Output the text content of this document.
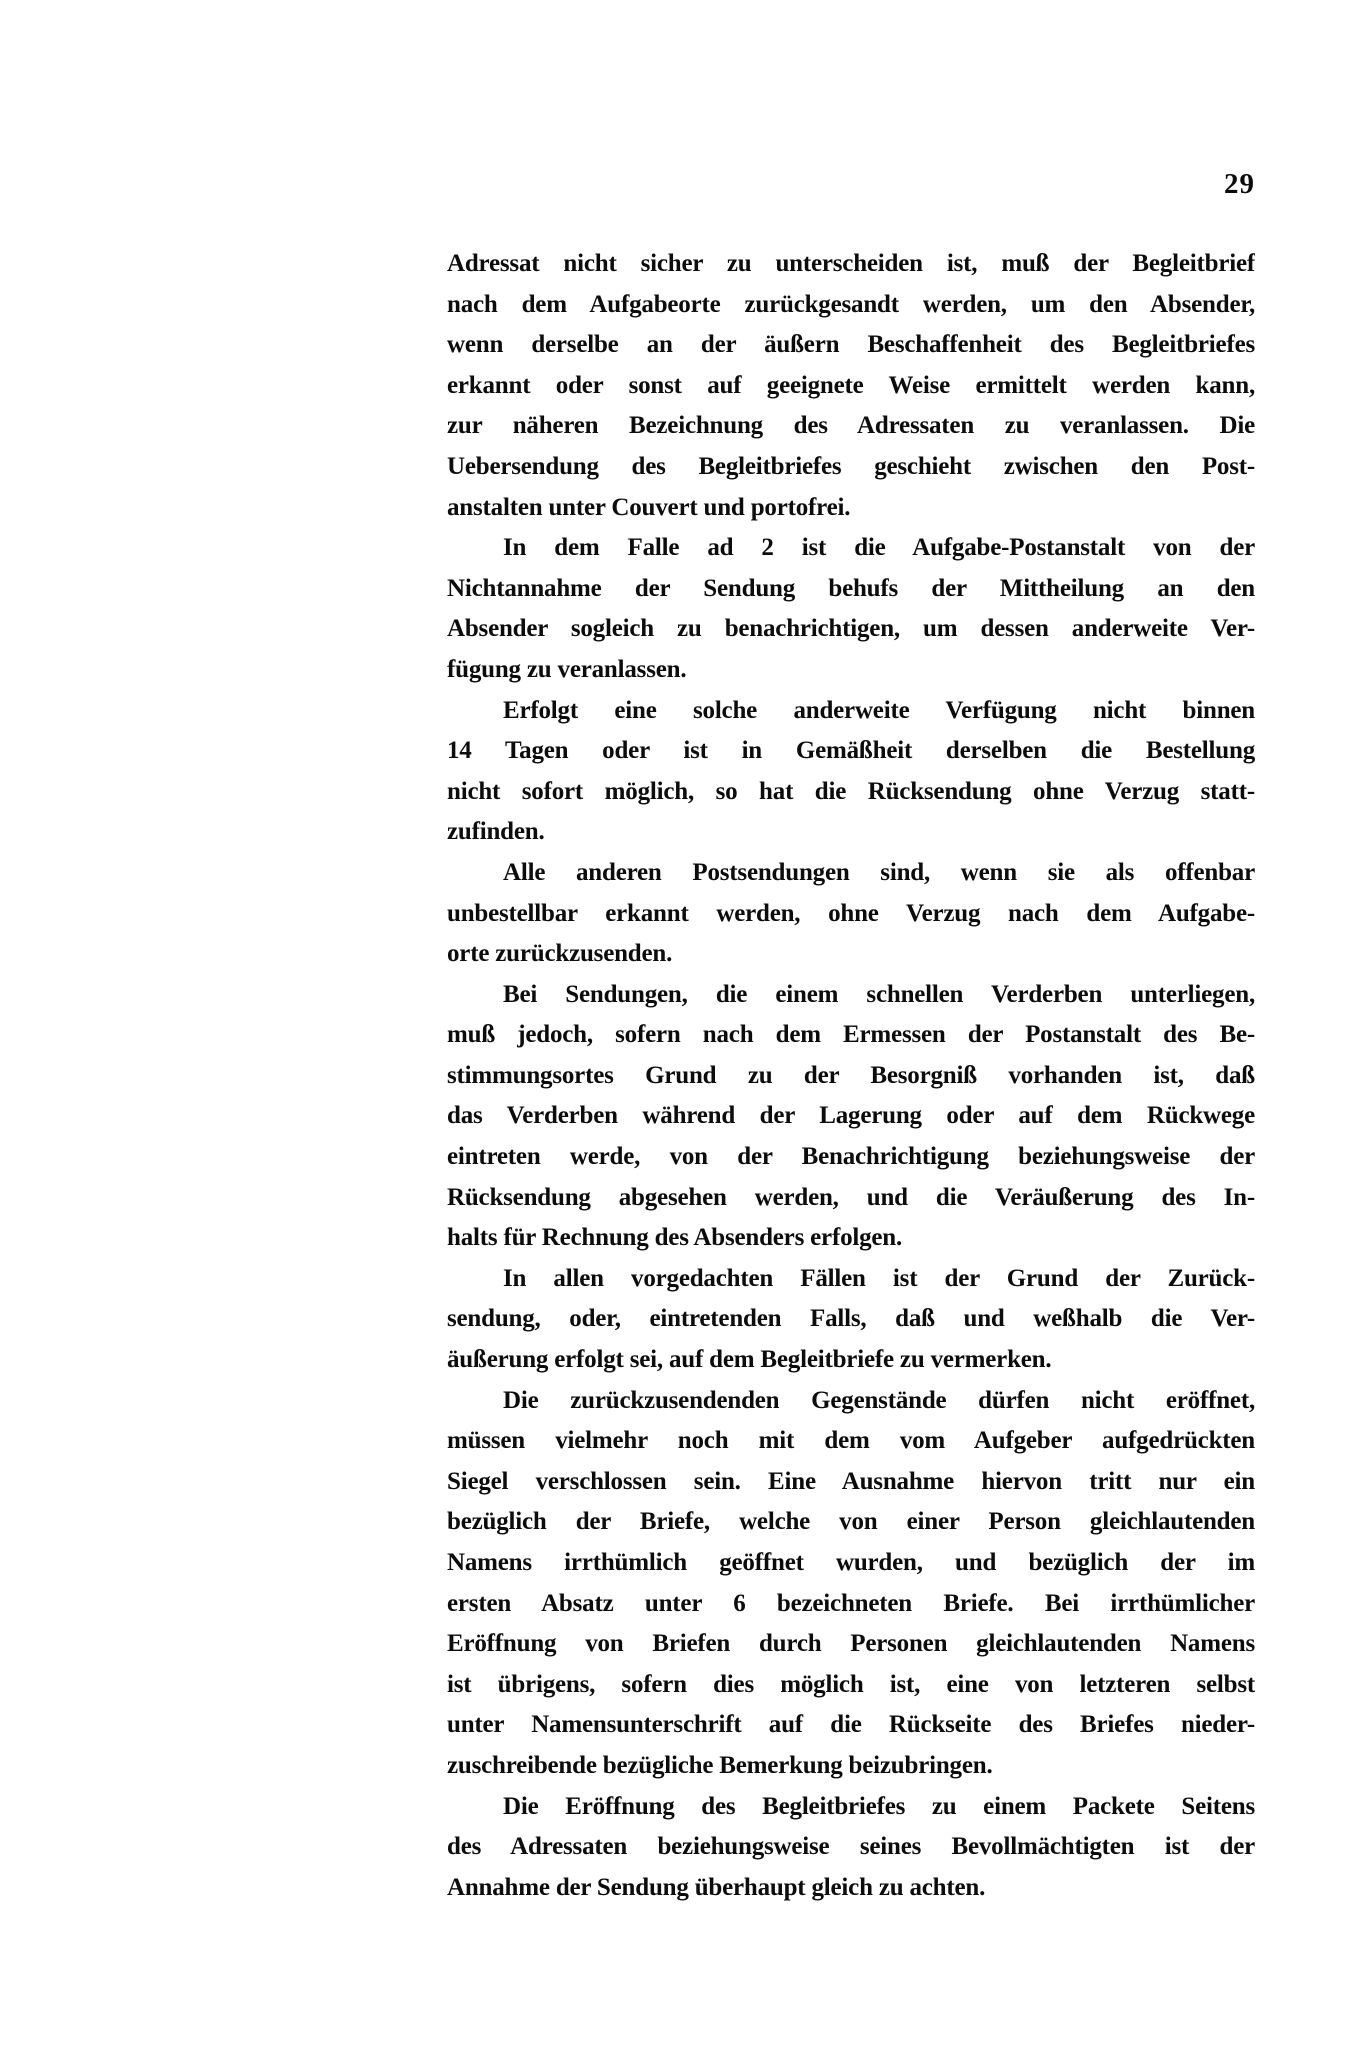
29
Adressat nicht sicher zu unterscheiden ist, muß der Begleitbrief
nach dem Aufgabeorte zurückgesandt werden, um den Absender,
wenn derselbe an der äußern Beschaffenheit des Begleitbriefes
erkannt oder sonst auf geeignete Weise ermittelt werden kann,
zur näheren Bezeichnung des Adressaten zu veranlassen. Die
Uebersendung des Begleitbriefes geschieht zwischen den Post-
anstalten unter Couvert und portofrei.
In dem Falle ad 2 ist die Aufgabe-Postanstalt von der
Nichtannahme der Sendung behufs der Mittheilung an den
Absender sogleich zu benachrichtigen, um dessen anderweite Ver-
fügung zu veranlassen.
Erfolgt eine solche anderweite Verfügung nicht binnen
14 Tagen oder ist in Gemäßheit derselben die Bestellung
nicht sofort möglich, so hat die Rücksendung ohne Verzug statt-
zufinden.
Alle anderen Postsendungen sind, wenn sie als offenbar
unbestellbar erkannt werden, ohne Verzug nach dem Aufgabe-
orte zurückzusenden.
Bei Sendungen, die einem schnellen Verderben unterliegen,
muß jedoch, sofern nach dem Ermessen der Postanstalt des Be-
stimmungsortes Grund zu der Besorgniß vorhanden ist, daß
das Verderben während der Lagerung oder auf dem Rückwege
eintreten werde, von der Benachrichtigung beziehungsweise der
Rücksendung abgesehen werden, und die Veräußerung des In-
halts für Rechnung des Absenders erfolgen.
In allen vorgedachten Fällen ist der Grund der Zurück-
sendung, oder, eintretenden Falls, daß und weßhalb die Ver-
äußerung erfolgt sei, auf dem Begleitbriefe zu vermerken.
Die zurückzusendenden Gegenstände dürfen nicht eröffnet,
müssen vielmehr noch mit dem vom Aufgeber aufgedrückten
Siegel verschlossen sein. Eine Ausnahme hiervon tritt nur ein
bezüglich der Briefe, welche von einer Person gleichlautenden
Namens irrthümlich geöffnet wurden, und bezüglich der im
ersten Absatz unter 6 bezeichneten Briefe. Bei irrthümlicher
Eröffnung von Briefen durch Personen gleichlautenden Namens
ist übrigens, sofern dies möglich ist, eine von letzteren selbst
unter Namensunterschrift auf die Rückseite des Briefes nieder-
zuschreibende bezügliche Bemerkung beizubringen.
Die Eröffnung des Begleitbriefes zu einem Packete Seitens
des Adressaten beziehungsweise seines Bevollmächtigten ist der
Annahme der Sendung überhaupt gleich zu achten.
